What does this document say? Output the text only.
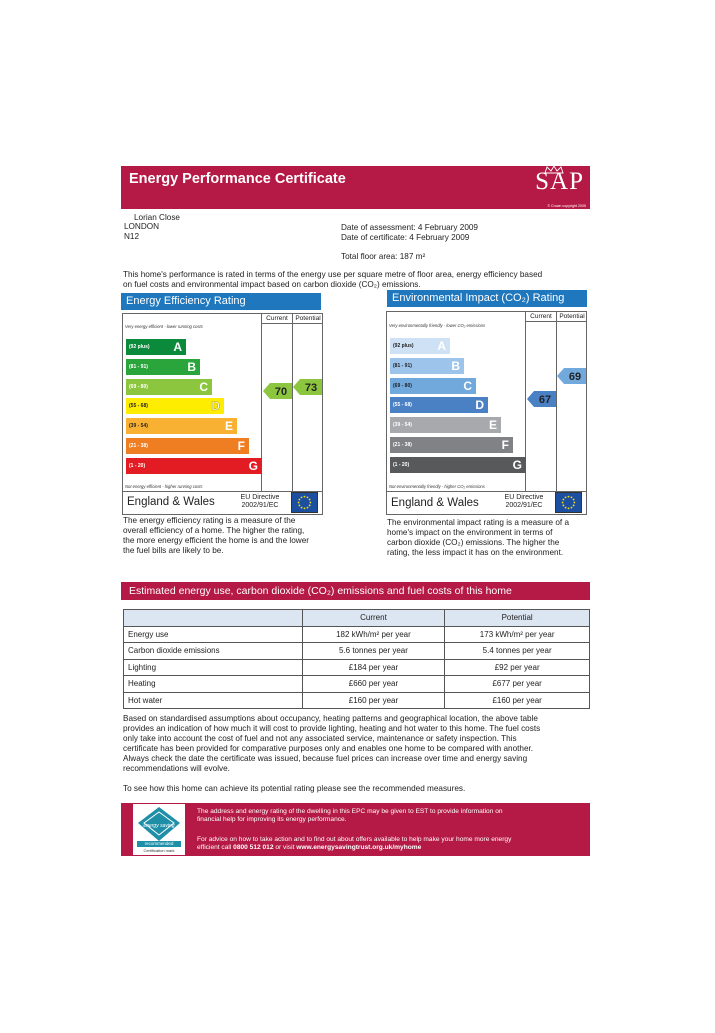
Energy Performance Certificate	SAP
© Crown copyright 2005
Lorian Close
LONDON
N12
Date of assessment: 4 February 2009
Date of certificate: 4 February 2009
Total floor area: 187 m²
This home's performance is rated in terms of the energy use per square metre of floor area, energy efficiency based
on fuel costs and environmental impact based on carbon dioxide (CO₂) emissions.
Energy Efficiency Rating
Current	Potential
Very energy efficient - lower running costs
Not energy efficient - higher running costs
England & Wales	EU Directive
2002/91/EC
(92 plus) A
(81 - 91)	B
(69 - 80)	C
(55 - 68)	D
(39 - 54)	E
(21 - 38)	F
(1 - 20)	G
70 73
The energy efficiency rating is a measure of the
overall efficiency of a home. The higher the rating,
the more energy efficient the home is and the lower
the fuel bills are likely to be.
Environmental Impact (CO₂) Rating
Current	Potential
Very environmentally friendly - lower CO₂ emissions
Not environmentally friendly - higher CO₂ emissions
England & Wales	EU Directive
2002/91/EC
(92 plus) A
(81 - 91)	B
(69 - 80)	C
(55 - 68)	D
(39 - 54)	E
(21 - 38)	F
(1 - 20)	G
67
69
The environmental impact rating is a measure of a
home's impact on the environment in terms of
carbon dioxide (CO₂) emissions. The higher the
rating, the less impact it has on the environment.
Estimated energy use, carbon dioxide (CO₂) emissions and fuel costs of this home
	Current	Potential
Energy use	182 kWh/m² per year	173 kWh/m² per year
Carbon dioxide emissions	5.6 tonnes per year	5.4 tonnes per year
Lighting	£184 per year	£92 per year
Heating	£660 per year	£677 per year
Hot water	£160 per year	£160 per year
Based on standardised assumptions about occupancy, heating patterns and geographical location, the above table
provides an indication of how much it will cost to provide lighting, heating and hot water to this home. The fuel costs
only take into account the cost of fuel and not any associated service, maintenance or safety inspection. This
certificate has been provided for comparative purposes only and enables one home to be compared with another.
Always check the date the certificate was issued, because fuel prices can increase over time and energy saving
recommendations will evolve.
To see how this home can achieve its potential rating please see the recommended measures.
energy saving
recommended
Certification mark
The address and energy rating of the dwelling in this EPC may be given to EST to provide information on
financial help for improving its energy performance.
For advice on how to take action and to find out about offers available to help make your home more energy
efficient call 0800 512 012 or visit www.energysavingtrust.org.uk/myhome
